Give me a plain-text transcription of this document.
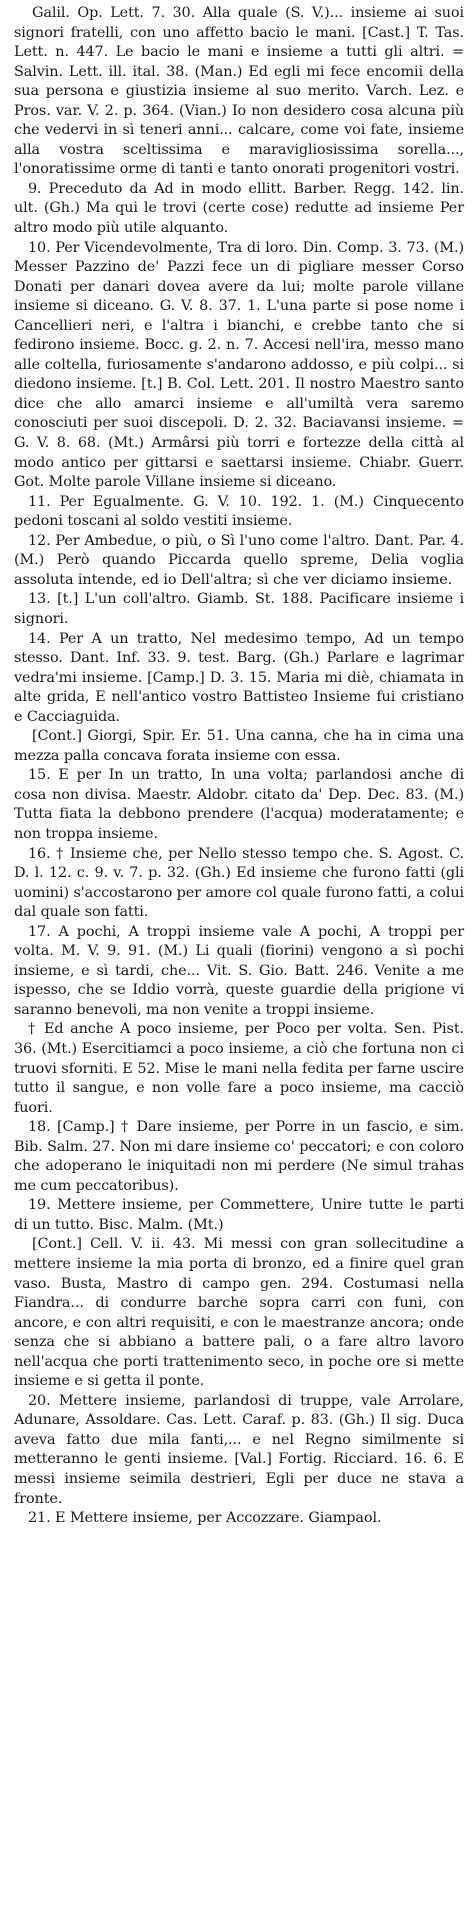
Galil. Op. Lett. 7. 30. Alla quale (S. V.)... insieme ai suoi signori fratelli, con uno affetto bacio le mani. [Cast.] T. Tas. Lett. n. 447. Le bacio le mani e insieme a tutti gli altri. = Salvin. Lett. ill. ital. 38. (Man.) Ed egli mi fece encomii della sua persona e giustizia insieme al suo merito. Varch. Lez. e Pros. var. V. 2. p. 364. (Vian.) Io non desidero cosa alcuna più che vedervi in sì teneri anni... calcare, come voi fate, insieme alla vostra sceltissima e maravigliosissima sorella..., l'onoratissime orme di tanti e tanto onorati progenitori vostri.

9. Preceduto da Ad in modo ellitt. Barber. Regg. 142. lin. ult. (Gh.) Ma qui le trovi (certe cose) redutte ad insieme Per altro modo più utile alquanto.

10. Per Vicendevolmente, Tra di loro. Din. Comp. 3. 73. (M.) Messer Pazzino de' Pazzi fece un di pigliare messer Corso Donati per danari dovea avere da lui; molte parole villane insieme si diceano. G. V. 8. 37. 1. L'una parte si pose nome i Cancellieri neri, e l'altra i bianchi, e crebbe tanto che si fedirono insieme. Bocc. g. 2. n. 7. Accesi nell'ira, messo mano alle coltella, furiosamente s'andarono addosso, e più colpi... si diedono insieme. [t.] B. Col. Lett. 201. Il nostro Maestro santo dice che allo amarci insieme e all'umiltà vera saremo conosciuti per suoi discepoli. D. 2. 32. Baciavansi insieme. = G. V. 8. 68. (Mt.) Armârsi più torri e fortezze della città al modo antico per gittarsi e saettarsi insieme. Chiabr. Guerr. Got. Molte parole Villane insieme si diceano.

11. Per Egualmente. G. V. 10. 192. 1. (M.) Cinquecento pedoni toscani al soldo vestiti insieme.

12. Per Ambedue, o più, o Sì l'uno come l'altro. Dant. Par. 4. (M.) Però quando Piccarda quello spreme, Delia voglia assoluta intende, ed io Dell'altra; sì che ver diciamo insieme.

13. [t.] L'un coll'altro. Giamb. St. 188. Pacificare insieme i signori.

14. Per A un tratto, Nel medesimo tempo, Ad un tempo stesso. Dant. Inf. 33. 9. test. Barg. (Gh.) Parlare e lagrimar vedra'mi insieme. [Camp.] D. 3. 15. Maria mi diè, chiamata in alte grida, E nell'antico vostro Battisteo Insieme fui cristiano e Cacciaguida.

[Cont.] Giorgi, Spir. Er. 51. Una canna, che ha in cima una mezza palla concava forata insieme con essa.

15. E per In un tratto, In una volta; parlandosi anche di cosa non divisa. Maestr. Aldobr. citato da' Dep. Dec. 83. (M.) Tutta fiata la debbono prendere (l'acqua) moderatamente; e non troppa insieme.

16. † Insieme che, per Nello stesso tempo che. S. Agost. C. D. l. 12. c. 9. v. 7. p. 32. (Gh.) Ed insieme che furono fatti (gli uomini) s'accostarono per amore col quale furono fatti, a colui dal quale son fatti.

17. A pochi, A troppi insieme vale A pochi, A troppi per volta. M. V. 9. 91. (M.) Li quali (fiorini) vengono a sì pochi insieme, e sì tardi, che... Vit. S. Gio. Batt. 246. Venite a me ispesso, che se Iddio vorrà, queste guardie della prigione vi saranno benevoli, ma non venite a troppi insieme.

† Ed anche A poco insieme, per Poco per volta. Sen. Pist. 36. (Mt.) Esercitiamci a poco insieme, a ciò che fortuna non ci truovi sforniti. E 52. Mise le mani nella fedita per farne uscire tutto il sangue, e non volle fare a poco insieme, ma cacciò fuori.

18. [Camp.] † Dare insieme, per Porre in un fascio, e sim. Bib. Salm. 27. Non mi dare insieme co' peccatori; e con coloro che adoperano le iniquitadi non mi perdere (Ne simul trahas me cum peccatoribus).

19. Mettere insieme, per Commettere, Unire tutte le parti di un tutto. Bisc. Malm. (Mt.)

[Cont.] Cell. V. ii. 43. Mi messi con gran sollecitudine a mettere insieme la mia porta di bronzo, ed a finire quel gran vaso. Busta, Mastro di campo gen. 294. Costumasi nella Fiandra... di condurre barche sopra carri con funi, con ancore, e con altri requisiti, e con le maestranze ancora; onde senza che si abbiano a battere pali, o a fare altro lavoro nell'acqua che porti trattenimento seco, in poche ore si mette insieme e si getta il ponte.

20. Mettere insieme, parlandosi di truppe, vale Arrolare, Adunare, Assoldare. Cas. Lett. Caraf. p. 83. (Gh.) Il sig. Duca aveva fatto due mila fanti,... e nel Regno similmente si metteranno le genti insieme. [Val.] Fortig. Ricciard. 16. 6. E messi insieme seimila destrieri, Egli per duce ne stava a fronte.

21. E Mettere insieme, per Accozzare. Giampaol.
